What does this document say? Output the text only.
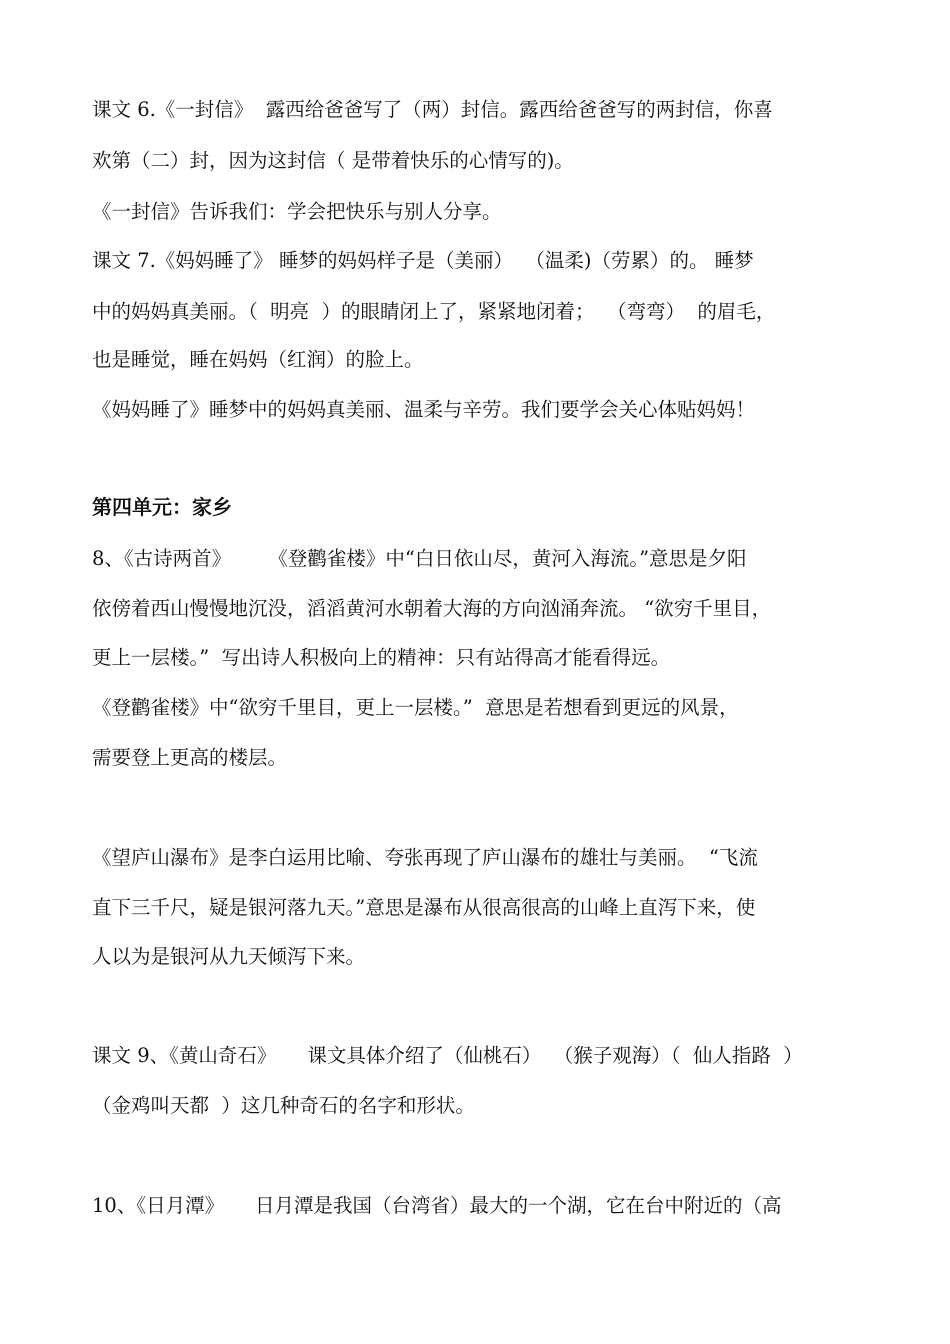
课文 6.《一封信》  露西给爸爸写了（两）封信。露西给爸爸写的两封信，你喜
欢第（二）封，因为这封信（ 是带着快乐的心情写的)。
《一封信》告诉我们：学会把快乐与别人分享。
课文 7.《妈妈睡了》 睡梦的妈妈样子是（美丽）  （温柔)（劳累）的。 睡梦
中的妈妈真美丽。（  明亮  ）的眼睛闭上了，紧紧地闭着；  （弯弯）  的眉毛，
也是睡觉，睡在妈妈（红润）的脸上。
《妈妈睡了》睡梦中的妈妈真美丽、温柔与辛劳。我们要学会关心体贴妈妈！
第四单元：家乡
8、《古诗两首》      《登鹳雀楼》中“白日依山尽，黄河入海流。”意思是夕阳
依傍着西山慢慢地沉没，滔滔黄河水朝着大海的方向汹涌奔流。 “欲穷千里目，
更上一层楼。”  写出诗人积极向上的精神：只有站得高才能看得远。
《登鹳雀楼》中“欲穷千里目，更上一层楼。”  意思是若想看到更远的风景，
需要登上更高的楼层。
《望庐山瀑布》是李白运用比喻、夸张再现了庐山瀑布的雄壮与美丽。  “飞流
直下三千尺，疑是银河落九天。”意思是瀑布从很高很高的山峰上直泻下来，使
人以为是银河从九天倾泻下来。
课文 9、《黄山奇石》     课文具体介绍了（仙桃石）  （猴子观海）（  仙人指路  ）
（金鸡叫天都  ）这几种奇石的名字和形状。
10、《日月潭》     日月潭是我国（台湾省）最大的一个湖，它在台中附近的（高
